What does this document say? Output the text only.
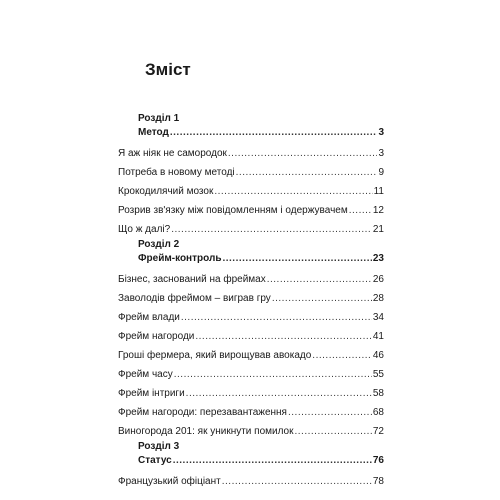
Зміст
Розділ 1
Метод .....	3
Я аж ніяк не самородок .....	3
Потреба в новому методі .....	9
Крокодилячий мозок .....	11
Розрив зв'язку між повідомленням і одержувачем .....	12
Що ж далі? .....	21
Розділ 2
Фрейм-контроль .....	23
Бізнес, заснований на фреймах .....	26
Заволодів фреймом – виграв гру .....	28
Фрейм влади .....	34
Фрейм нагороди .....	41
Гроші фермера, який вирощував авокадо .....	46
Фрейм часу .....	55
Фрейм інтриги .....	58
Фрейм нагороди: перезавантаження .....	68
Виногорода 201: як уникнути помилок .....	72
Розділ 3
Статус .....	76
Французький офіціант .....	78
